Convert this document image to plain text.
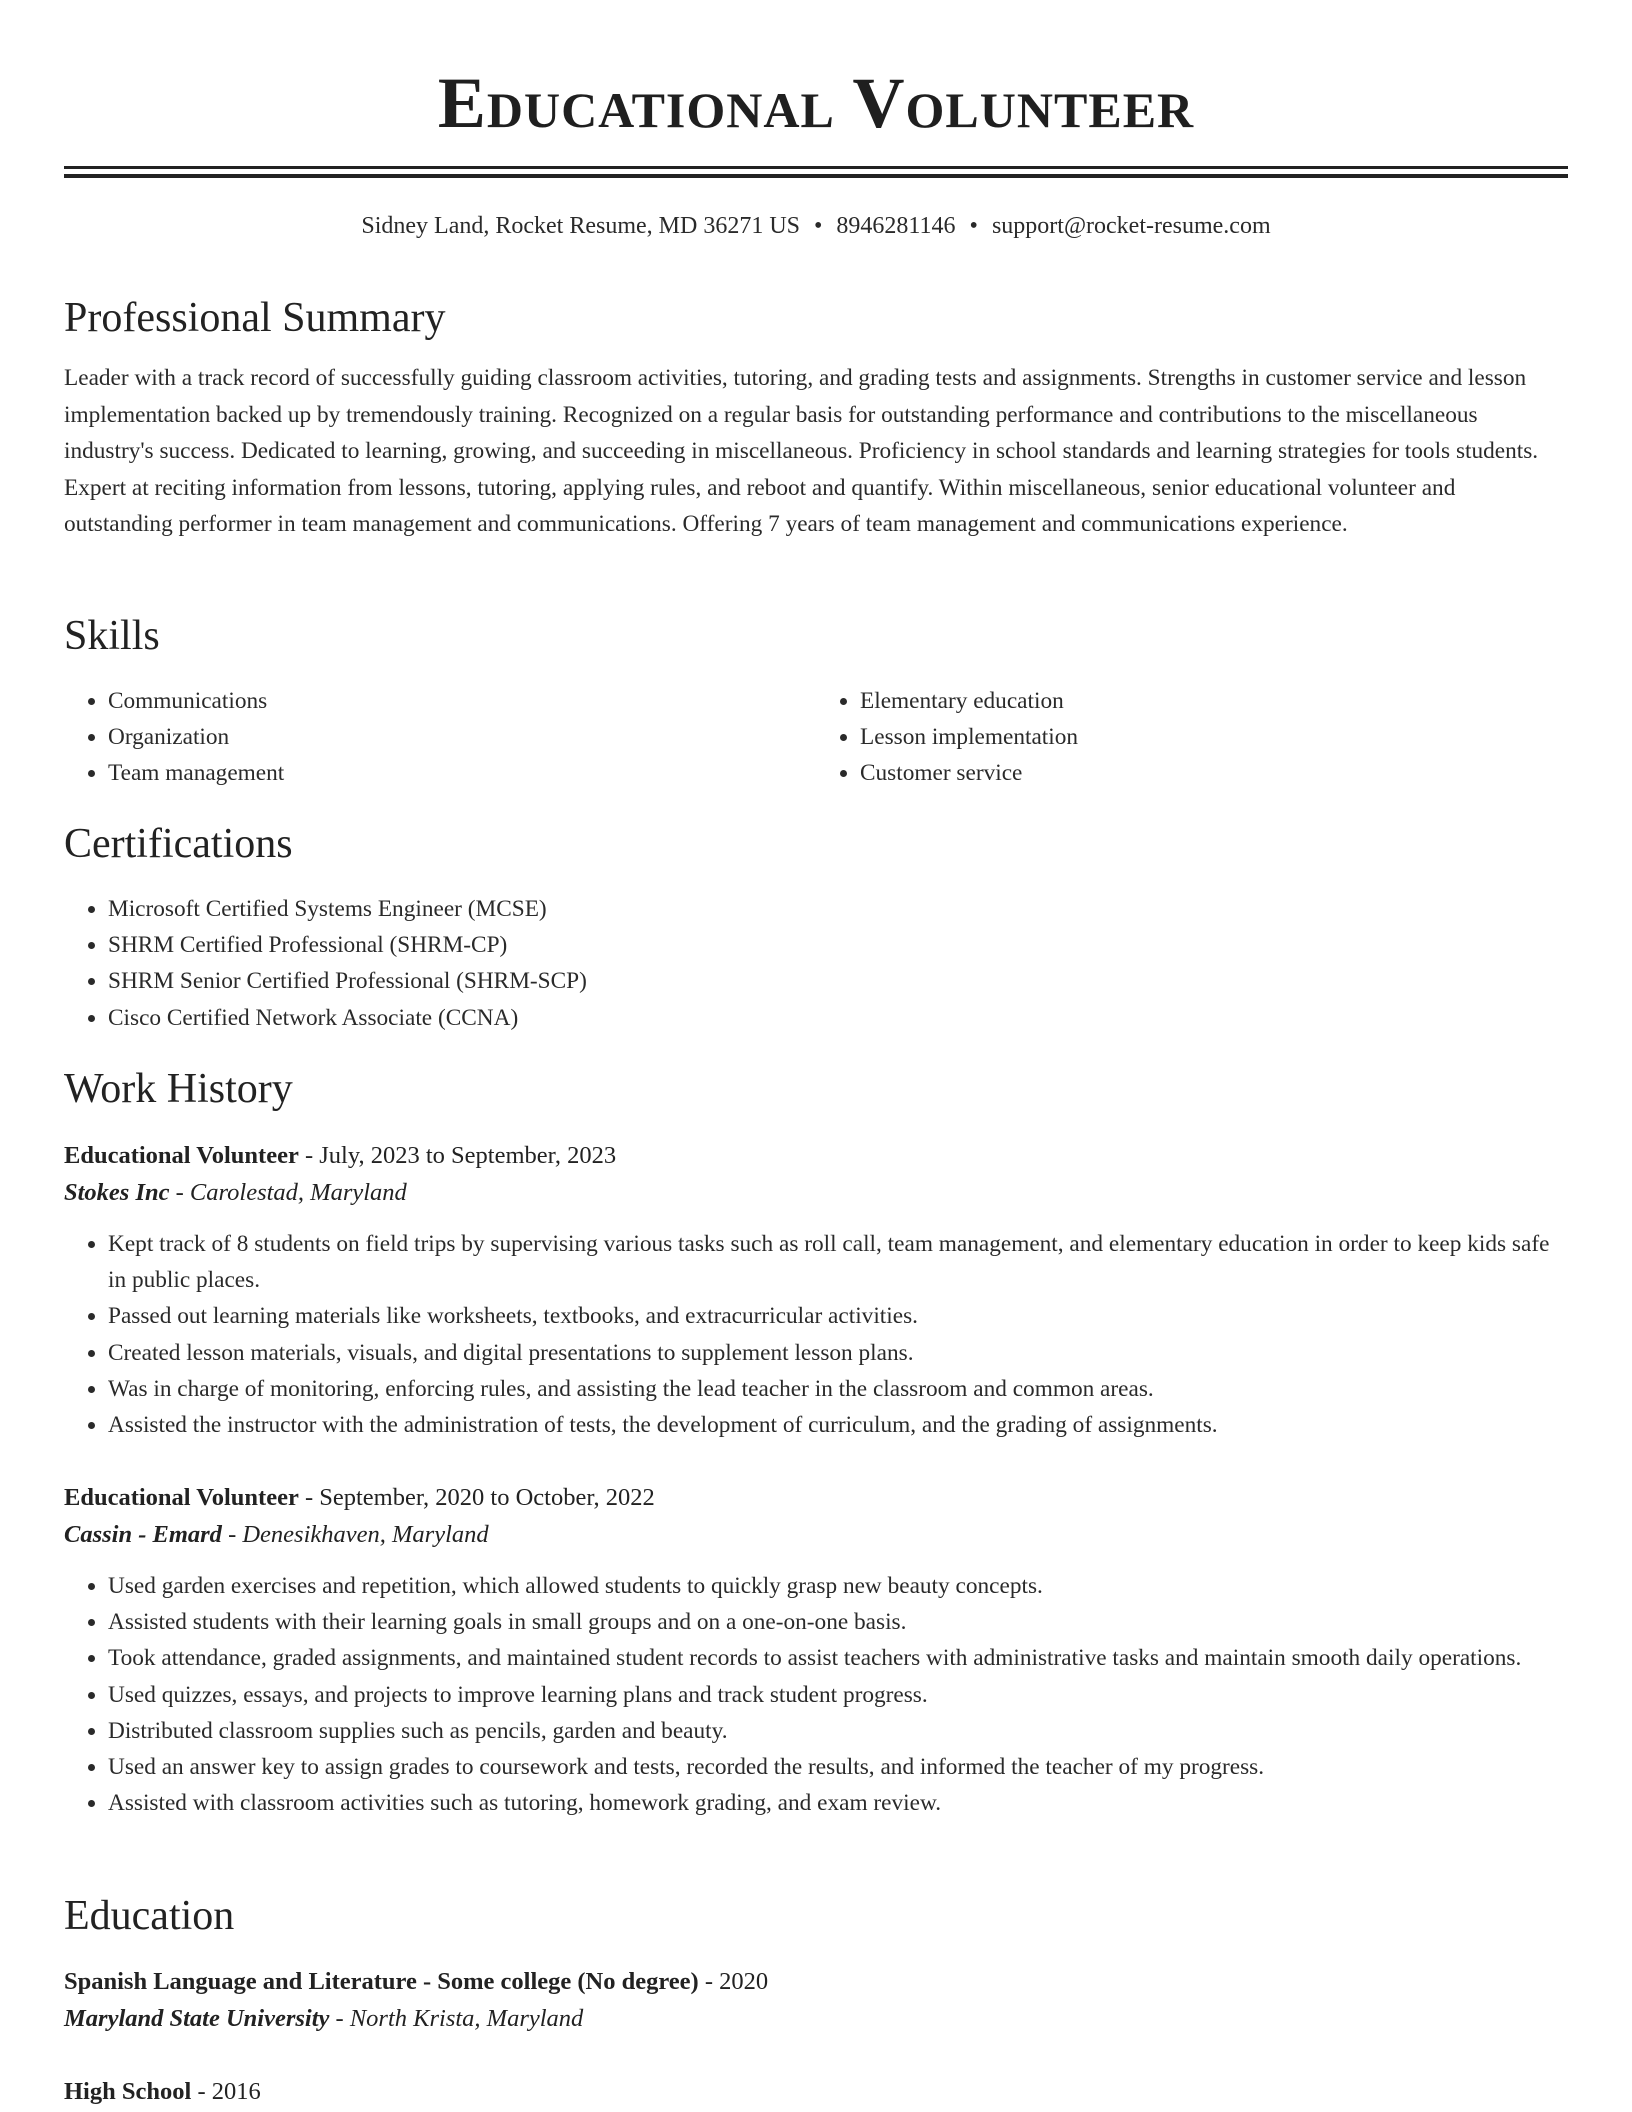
Educational Volunteer
Sidney Land, Rocket Resume, MD 36271 US • 8946281146 • support@rocket-resume.com
Professional Summary

Leader with a track record of successfully guiding classroom activities, tutoring, and grading tests and assignments. Strengths in customer service and lesson implementation backed up by tremendously training. Recognized on a regular basis for outstanding performance and contributions to the miscellaneous industry's success. Dedicated to learning, growing, and succeeding in miscellaneous. Proficiency in school standards and learning strategies for tools students. Expert at reciting information from lessons, tutoring, applying rules, and reboot and quantify. Within miscellaneous, senior educational volunteer and outstanding performer in team management and communications. Offering 7 years of team management and communications experience.

Skills
• Communications
• Organization
• Team management
• Elementary education
• Lesson implementation
• Customer service
Certifications
• Microsoft Certified Systems Engineer (MCSE)
• SHRM Certified Professional (SHRM-CP)
• SHRM Senior Certified Professional (SHRM-SCP)
• Cisco Certified Network Associate (CCNA)
Work History
Educational Volunteer - July, 2023 to September, 2023
Stokes Inc - Carolestad, Maryland
• Kept track of 8 students on field trips by supervising various tasks such as roll call, team management, and elementary education in order to keep kids safe in public places.
• Passed out learning materials like worksheets, textbooks, and extracurricular activities.
• Created lesson materials, visuals, and digital presentations to supplement lesson plans.
• Was in charge of monitoring, enforcing rules, and assisting the lead teacher in the classroom and common areas.
• Assisted the instructor with the administration of tests, the development of curriculum, and the grading of assignments.
Educational Volunteer - September, 2020 to October, 2022
Cassin - Emard - Denesikhaven, Maryland
• Used garden exercises and repetition, which allowed students to quickly grasp new beauty concepts.
• Assisted students with their learning goals in small groups and on a one-on-one basis.
• Took attendance, graded assignments, and maintained student records to assist teachers with administrative tasks and maintain smooth daily operations.
• Used quizzes, essays, and projects to improve learning plans and track student progress.
• Distributed classroom supplies such as pencils, garden and beauty.
• Used an answer key to assign grades to coursework and tests, recorded the results, and informed the teacher of my progress.
• Assisted with classroom activities such as tutoring, homework grading, and exam review.
Education
Spanish Language and Literature - Some college (No degree) - 2020
Maryland State University - North Krista, Maryland
High School - 2016
